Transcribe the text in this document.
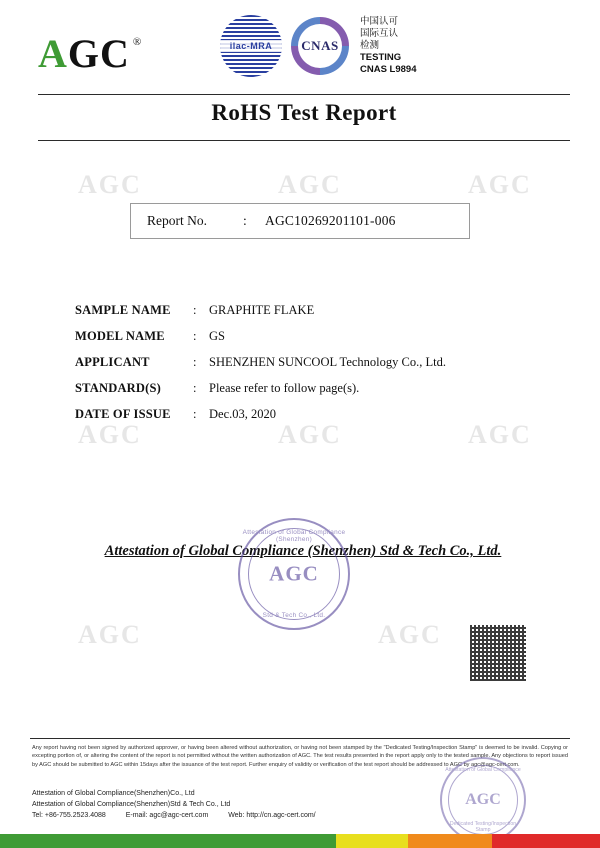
AGC	AGC	AGC
AGC	AGC	AGC
AGC	AGC
AGC ®	ilac-MRA	CNAS
中国认可
国际互认
检测
TESTING
CNAS L9894
RoHS Test Report
Report No.	:	AGC10269201101-006
SAMPLE NAME	:	GRAPHITE FLAKE
MODEL NAME	:	GS
APPLICANT	:	SHENZHEN SUNCOOL Technology Co., Ltd.
STANDARD(S)	:	Please refer to follow page(s).
DATE OF ISSUE	:	Dec.03, 2020
Attestation of Global Compliance (Shenzhen) Std & Tech Co., Ltd.
Attestation of Global Compliance (Shenzhen)
AGC
Std & Tech Co., Ltd.
Any report having not been signed by authorized approver, or having been altered without authorization, or having not been stamped by the "Dedicated Testing/Inspection Stamp" is deemed to be invalid. Copying or excepting portion of, or altering the content of the report is not permitted without the written authorization of AGC. The test results presented in the report apply only to the tested sample. Any objections to report issued by AGC should be submitted to AGC within 15days after the issuance of the test report. Further enquiry of validity or verification of the test report should be addressed to AGC by agc@agc-cert.com.
Attestation of Global Compliance(Shenzhen)Co., Ltd
Attestation of Global Compliance(Shenzhen)Std & Tech Co., Ltd
Tel: +86-755.2523.4088	E-mail: agc@agc-cert.com	Web: http://cn.agc-cert.com/
Attestation of Global Compliance
AGC
Dedicated Testing/Inspection Stamp
